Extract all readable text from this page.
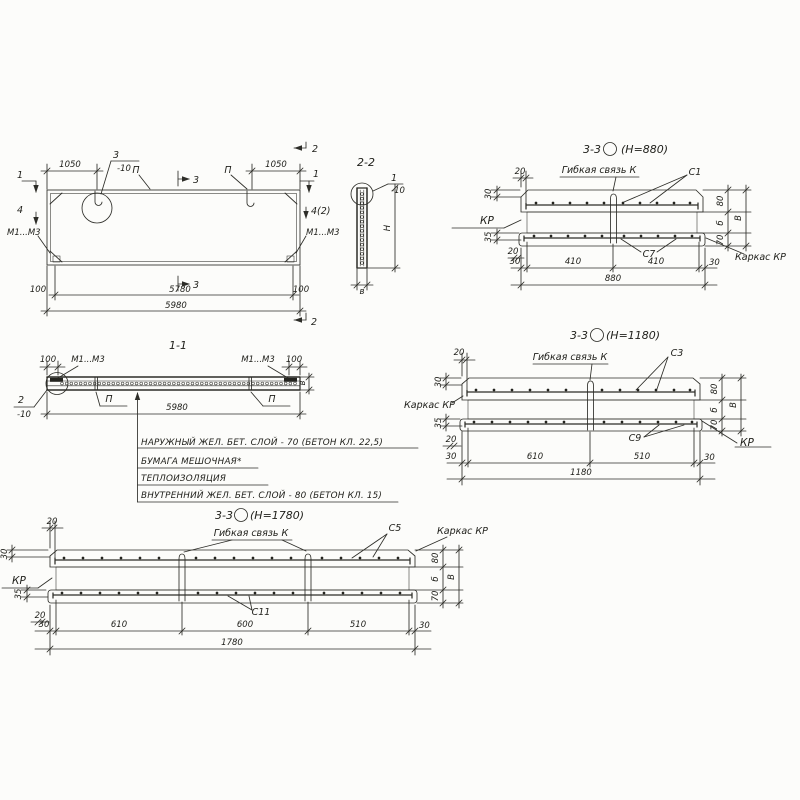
1050	1050
100	5780	100
5980
1
4
1
4(2)
2
2
3
3
3
-10
М1...М3	М1...М3
П	П
2-2
1
-10
Н
в
1-1
100	100
М1...М3	М1...М3
П	П
5980
в
2
-10
НАРУЖНЫЙ ЖЕЛ. БЕТ. СЛОЙ - 70 (БЕТОН КЛ. 22,5)
БУМАГА МЕШОЧНАЯ*
ТЕПЛОИЗОЛЯЦИЯ
ВНУТРЕННИЙ ЖЕЛ. БЕТ. СЛОЙ - 80 (БЕТОН КЛ. 15)
3-3 (Н=880)
Гибкая связь К	С1
КР
С7	Каркас КР
20
30
35
20
30	410	410	30
880
80
б
70
В
3-3 (Н=1180)
Гибкая связь К	С3
Каркас КР
С9	КР
20
30
35
20
30	610	510	30
1180
80
б
70
В
3-3 (Н=1780)
Гибкая связь К	С5	Каркас КР
КР
С11
20
30
35
20
30	610	600	510	30
1780
80
б
70
В
